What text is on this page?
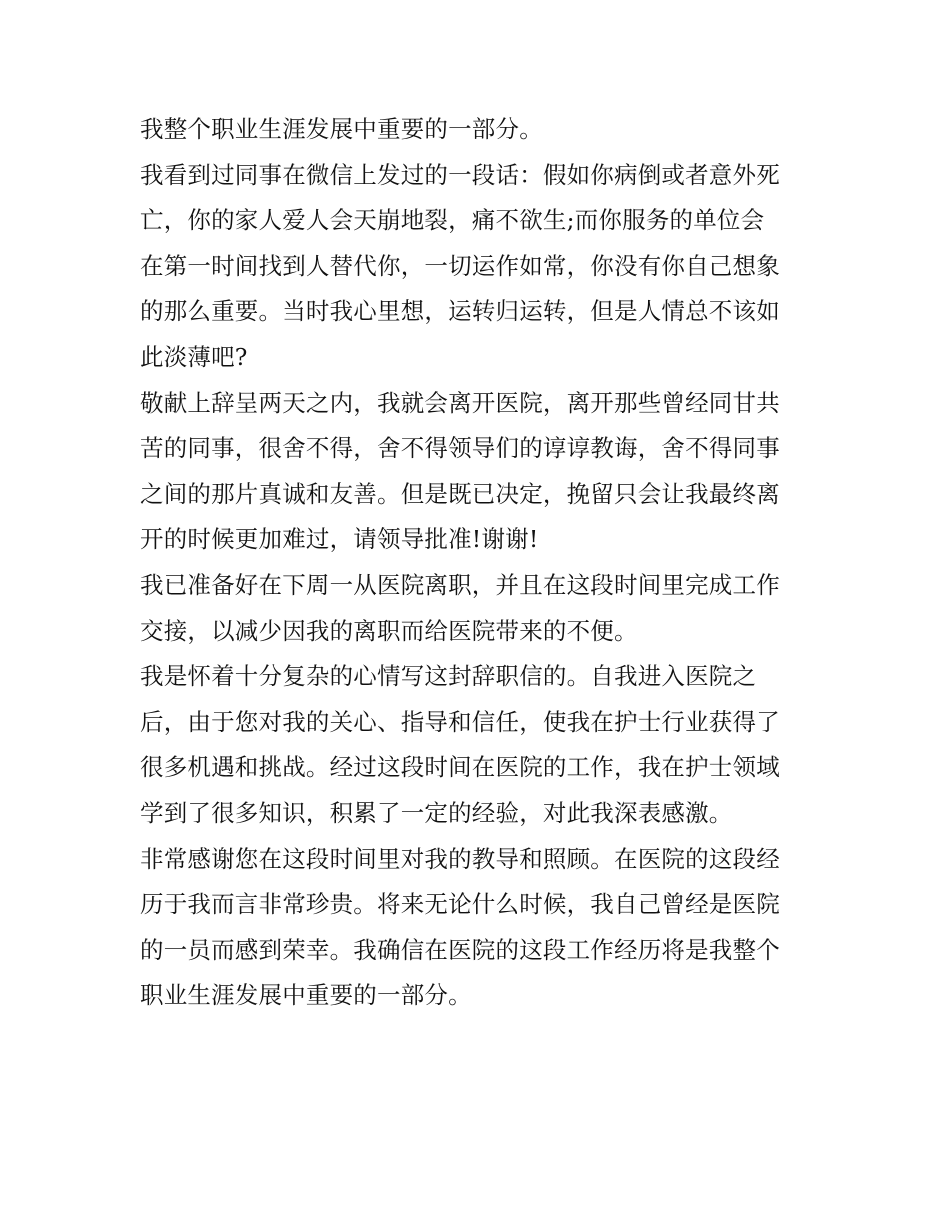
我整个职业生涯发展中重要的一部分。

我看到过同事在微信上发过的一段话：假如你病倒或者意外死
亡，你的家人爱人会天崩地裂，痛不欲生;而你服务的单位会
在第一时间找到人替代你，一切运作如常，你没有你自己想象
的那么重要。当时我心里想，运转归运转，但是人情总不该如
此淡薄吧?

敬献上辞呈两天之内，我就会离开医院，离开那些曾经同甘共
苦的同事，很舍不得，舍不得领导们的谆谆教诲，舍不得同事
之间的那片真诚和友善。但是既已决定，挽留只会让我最终离
开的时候更加难过，请领导批准!谢谢!

我已准备好在下周一从医院离职，并且在这段时间里完成工作
交接，以减少因我的离职而给医院带来的不便。

我是怀着十分复杂的心情写这封辞职信的。自我进入医院之
后，由于您对我的关心、指导和信任，使我在护士行业获得了
很多机遇和挑战。经过这段时间在医院的工作，我在护士领域
学到了很多知识，积累了一定的经验，对此我深表感激。

非常感谢您在这段时间里对我的教导和照顾。在医院的这段经
历于我而言非常珍贵。将来无论什么时候，我自己曾经是医院
的一员而感到荣幸。我确信在医院的这段工作经历将是我整个
职业生涯发展中重要的一部分。
